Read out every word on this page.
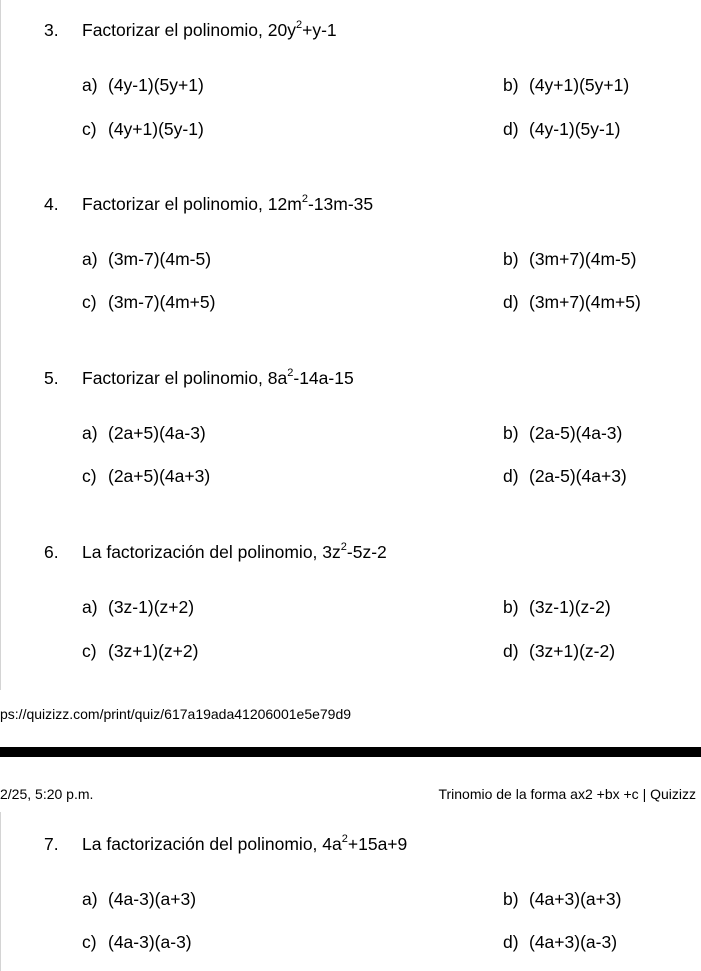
3. Factorizar el polinomio, $20y^2+y-1$
a) (4y-1)(5y+1)	b) (4y+1)(5y+1)
c) (4y+1)(5y-1)	d) (4y-1)(5y-1)
4. Factorizar el polinomio, $12m^2-13m-35$
a) (3m-7)(4m-5)	b) (3m+7)(4m-5)
c) (3m-7)(4m+5)	d) (3m+7)(4m+5)
5. Factorizar el polinomio, $8a^2-14a-15$
a) (2a+5)(4a-3)	b) (2a-5)(4a-3)
c) (2a+5)(4a+3)	d) (2a-5)(4a+3)
6. La factorización del polinomio, $3z^2-5z-2$
a) (3z-1)(z+2)	b) (3z-1)(z-2)
c) (3z+1)(z+2)	d) (3z+1)(z-2)
ps://quizizz.com/print/quiz/617a19ada41206001e5e79d9
2/25, 5:20 p.m.	Trinomio de la forma ax2 +bx +c | Quizizz
7. La factorización del polinomio, $4a^2+15a+9$
a) (4a-3)(a+3)	b) (4a+3)(a+3)
c) (4a-3)(a-3)	d) (4a+3)(a-3)
